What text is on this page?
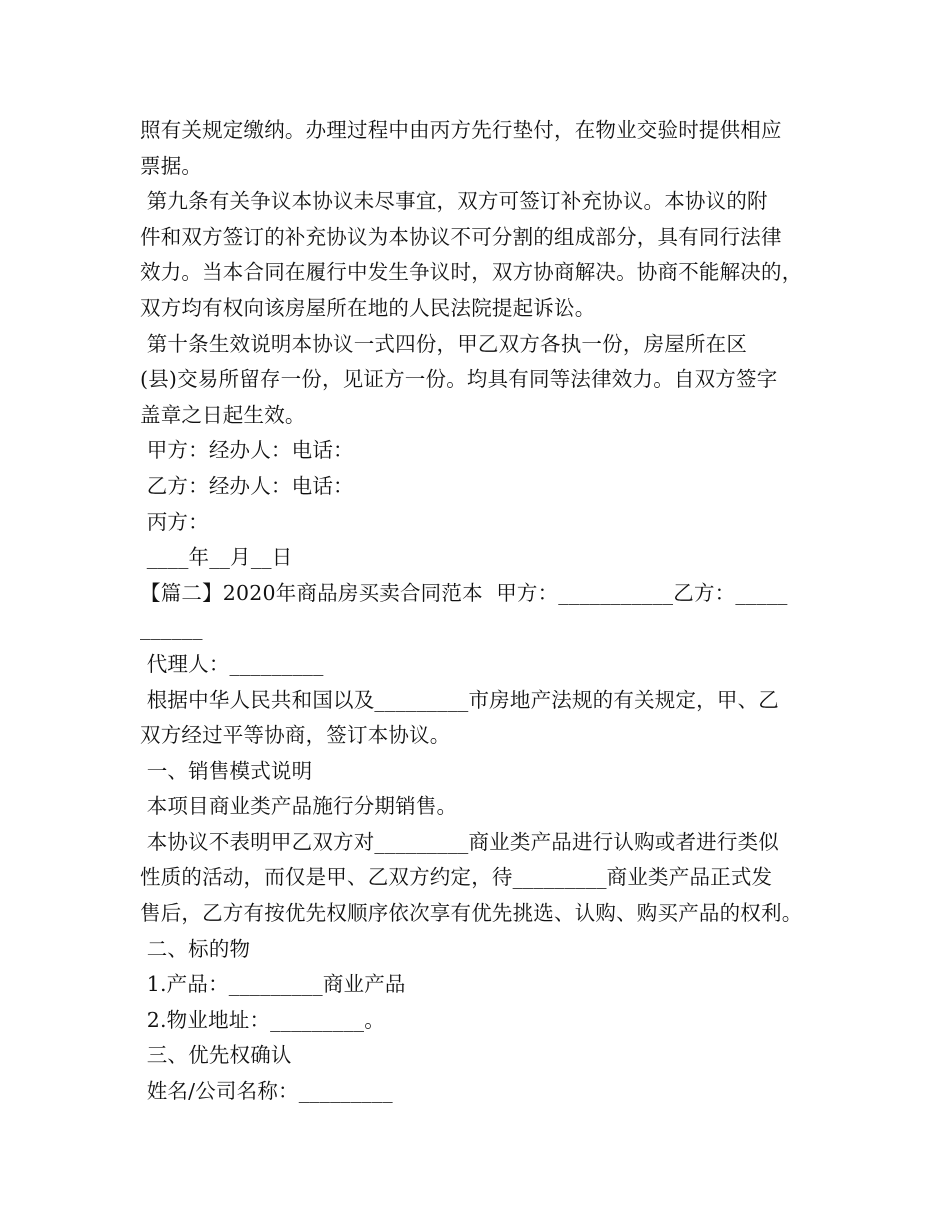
照有关规定缴纳。办理过程中由丙方先行垫付，在物业交验时提供相应
票据。
第九条有关争议本协议未尽事宜，双方可签订补充协议。本协议的附
件和双方签订的补充协议为本协议不可分割的组成部分，具有同行法律
效力。当本合同在履行中发生争议时，双方协商解决。协商不能解决的，
双方均有权向该房屋所在地的人民法院提起诉讼。
第十条生效说明本协议一式四份，甲乙双方各执一份，房屋所在区
(县)交易所留存一份，见证方一份。均具有同等法律效力。自双方签字
盖章之日起生效。
甲方：经办人：电话：
乙方：经办人：电话：
丙方：
____年__月__日
【篇二】2020年商品房买卖合同范本  甲方：___________乙方：_____
______
代理人：_________
根据中华人民共和国以及_________市房地产法规的有关规定，甲、乙
双方经过平等协商，签订本协议。
一、销售模式说明
本项目商业类产品施行分期销售。
本协议不表明甲乙双方对_________商业类产品进行认购或者进行类似
性质的活动，而仅是甲、乙双方约定，待_________商业类产品正式发
售后，乙方有按优先权顺序依次享有优先挑选、认购、购买产品的权利。
二、标的物
1.产品：_________商业产品
2.物业地址：_________。
三、优先权确认
姓名/公司名称：_________
